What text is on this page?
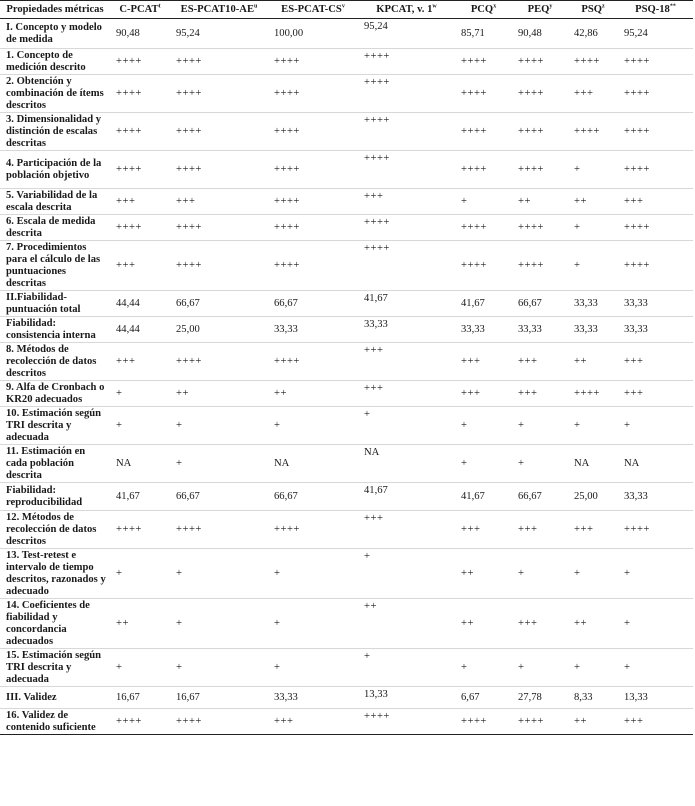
Propiedades métricas	C-PCAT$^t$	$ES-PCAT10-AE^u$	$ES-PCAT-CS^v$	KPCAT, v. 1$^w$	PCQ$^x$	PEQ$^y$	PSQ$^z$	PSQ-18**
I. Concepto y modelo de medida	90,48	95,24	100,00	95,24	85,71	90,48	42,86	95,24
1. Concepto de medición descrito	++++	++++	++++	++++	++++	++++	++++	++++
2. Obtención y combinación de ítems descritos	++++	++++	++++	++++	++++	++++	+++	++++
3. Dimensionalidad y distinción de escalas descritas	++++	++++	++++	++++	++++	++++	++++	++++
4. Participación de la población objetivo	++++	++++	++++	++++	++++	++++	+	++++
5. Variabilidad de la escala descrita	+++	+++	++++	+++	+	++	++	+++
6. Escala de medida descrita	++++	++++	++++	++++	++++	++++	+	++++
7. Procedimientos para el cálculo de las puntuaciones descritas	+++	++++	++++	++++	++++	++++	+	++++
II.Fiabilidad-puntuación total	44,44	66,67	66,67	41,67	41,67	66,67	33,33	33,33
Fiabilidad: consistencia interna	44,44	25,00	33,33	33,33	33,33	33,33	33,33	33,33
8. Métodos de recolección de datos descritos	+++	++++	++++	+++	+++	+++	++	+++
9. Alfa de Cronbach o KR20 adecuados	+	++	++	+++	+++	+++	++++	+++
10. Estimación según TRI descrita y adecuada	+	+	+	+	+	+	+	+
11. Estimación en cada población descrita	NA	+	NA	NA	+	+	NA	NA
Fiabilidad: reproducibilidad	41,67	66,67	66,67	41,67	41,67	66,67	25,00	33,33
12. Métodos de recolección de datos descritos	++++	++++	++++	+++	+++	+++	+++	++++
13. Test-retest e intervalo de tiempo descritos, razonados y adecuado	+	+	+	+	++	+	+	+
14. Coeficientes de fiabilidad y concordancia adecuados	++	+	+	++	++	+++	++	+
15. Estimación según TRI descrita y adecuada	+	+	+	+	+	+	+	+
III. Validez	16,67	16,67	33,33	13,33	6,67	27,78	8,33	13,33
16. Validez de contenido suficiente	++++	++++	+++	++++	++++	++++	++	+++
